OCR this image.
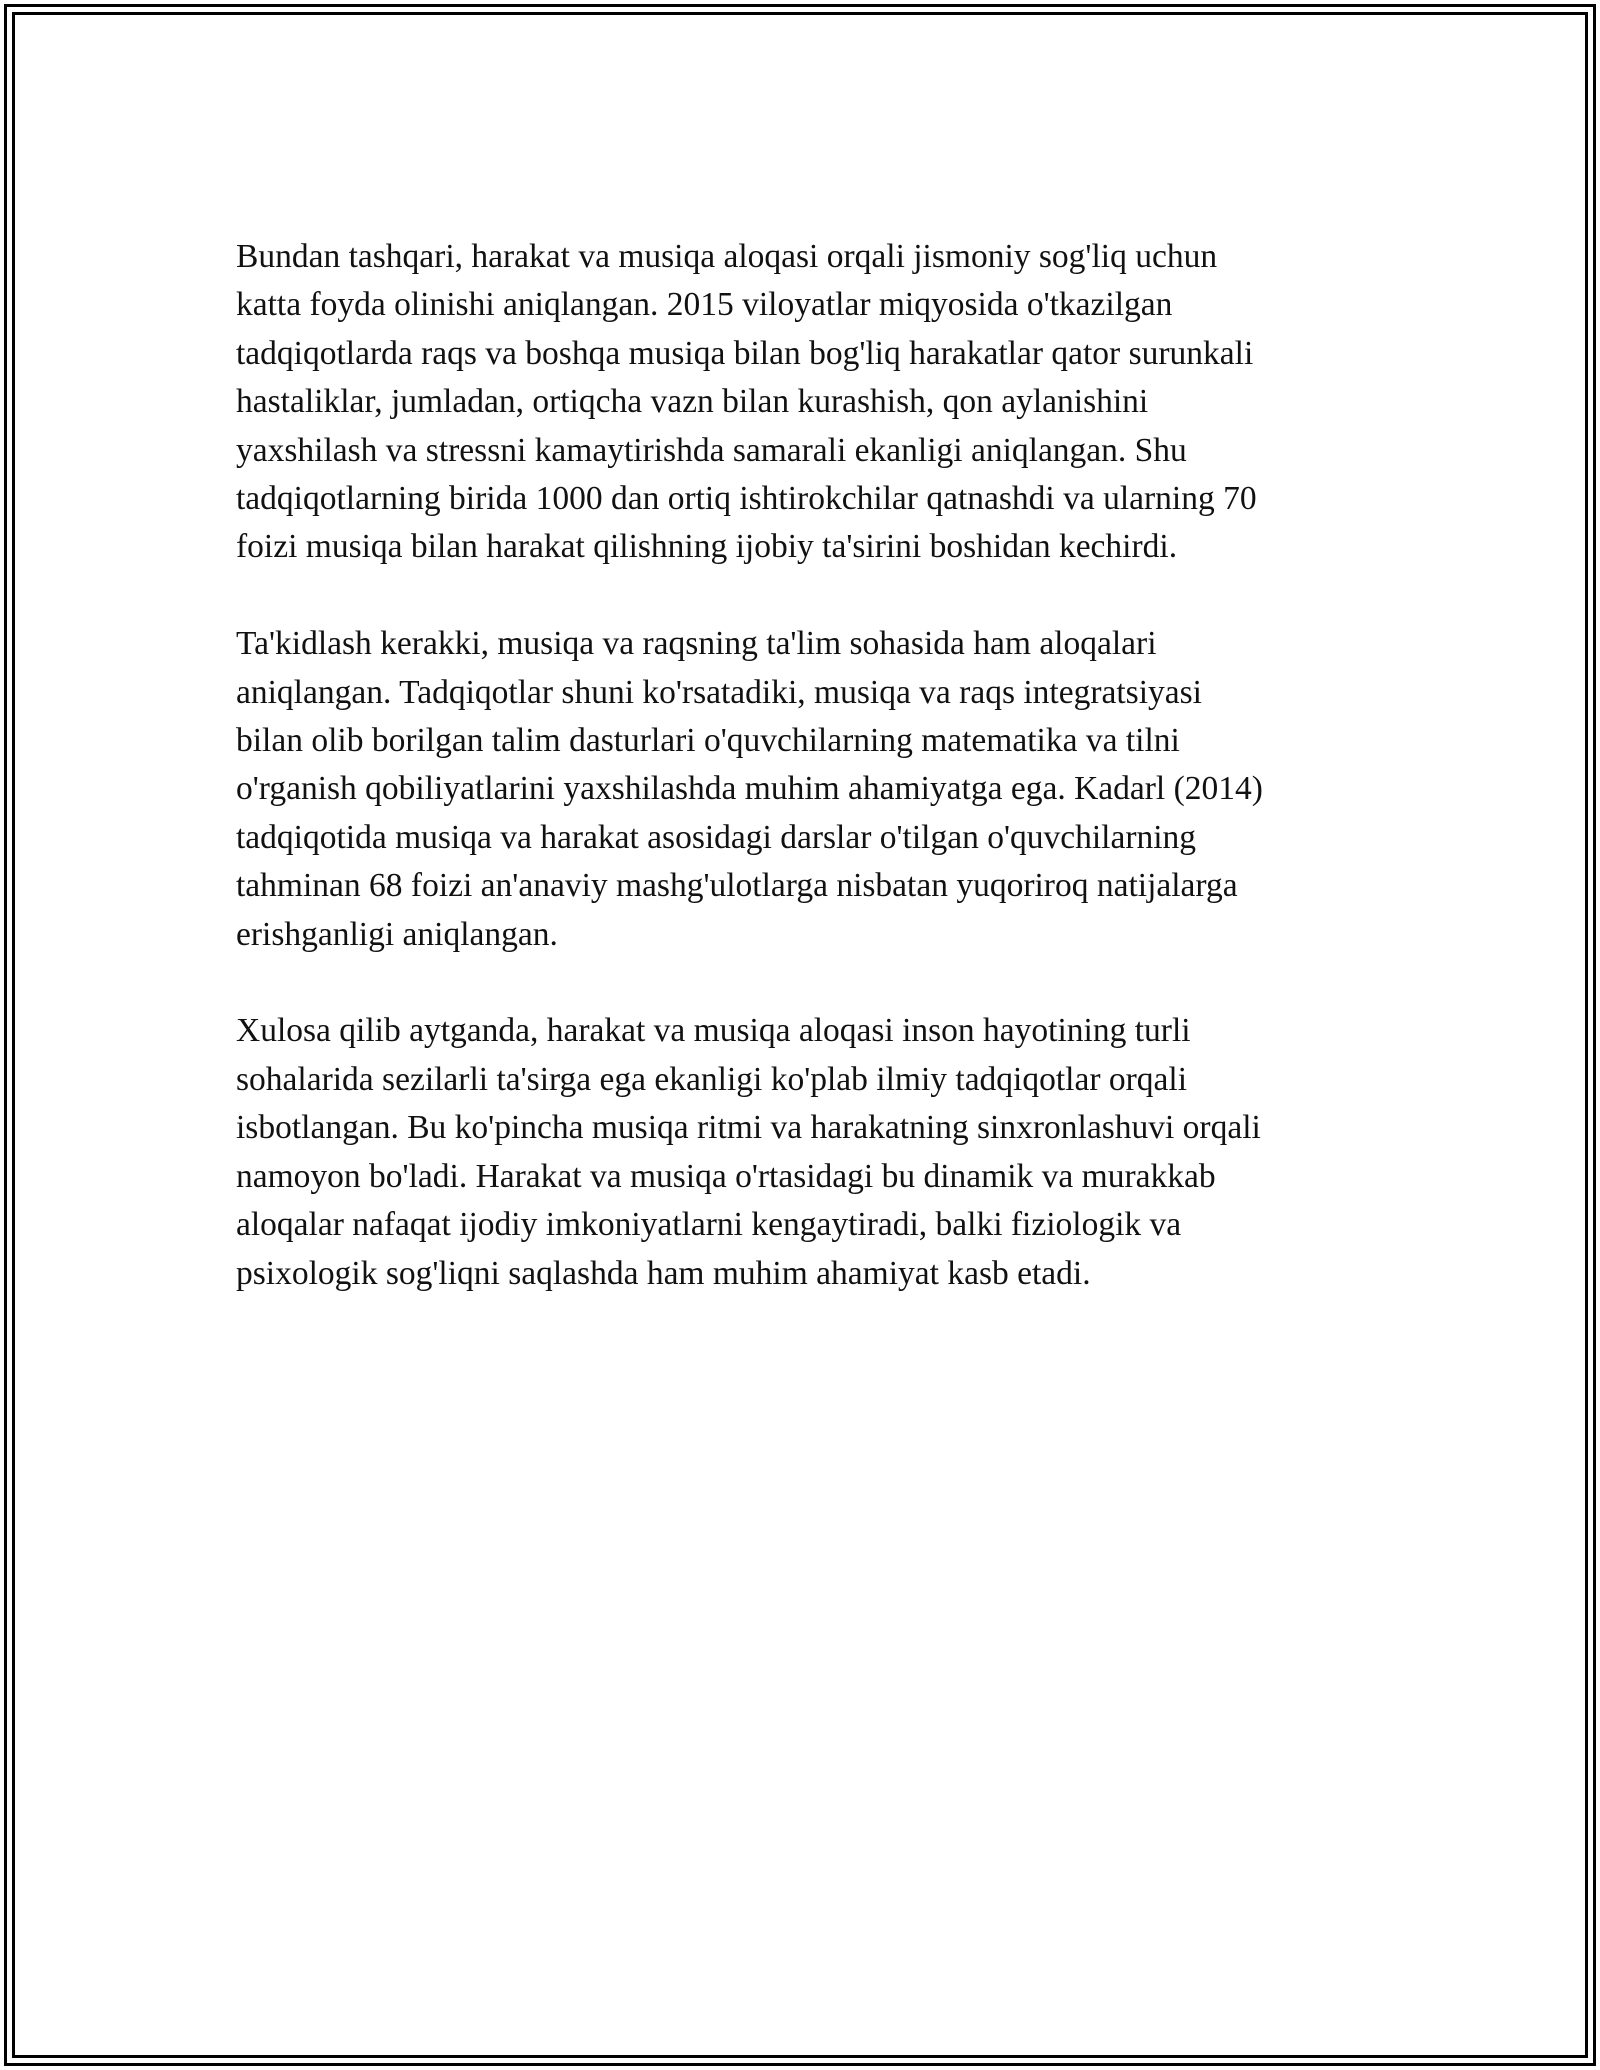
Bundan tashqari, harakat va musiqa aloqasi orqali jismoniy sog'liq uchun
katta foyda olinishi aniqlangan. 2015 viloyatlar miqyosida o'tkazilgan
tadqiqotlarda raqs va boshqa musiqa bilan bog'liq harakatlar qator surunkali
hastaliklar, jumladan, ortiqcha vazn bilan kurashish, qon aylanishini
yaxshilash va stressni kamaytirishda samarali ekanligi aniqlangan. Shu
tadqiqotlarning birida 1000 dan ortiq ishtirokchilar qatnashdi va ularning 70
foizi musiqa bilan harakat qilishning ijobiy ta'sirini boshidan kechirdi.

Ta'kidlash kerakki, musiqa va raqsning ta'lim sohasida ham aloqalari
aniqlangan. Tadqiqotlar shuni ko'rsatadiki, musiqa va raqs integratsiyasi
bilan olib borilgan talim dasturlari o'quvchilarning matematika va tilni
o'rganish qobiliyatlarini yaxshilashda muhim ahamiyatga ega. Kadarl (2014)
tadqiqotida musiqa va harakat asosidagi darslar o'tilgan o'quvchilarning
tahminan 68 foizi an'anaviy mashg'ulotlarga nisbatan yuqoriroq natijalarga
erishganligi aniqlangan.

Xulosa qilib aytganda, harakat va musiqa aloqasi inson hayotining turli
sohalarida sezilarli ta'sirga ega ekanligi ko'plab ilmiy tadqiqotlar orqali
isbotlangan. Bu ko'pincha musiqa ritmi va harakatning sinxronlashuvi orqali
namoyon bo'ladi. Harakat va musiqa o'rtasidagi bu dinamik va murakkab
aloqalar nafaqat ijodiy imkoniyatlarni kengaytiradi, balki fiziologik va
psixologik sog'liqni saqlashda ham muhim ahamiyat kasb etadi.
